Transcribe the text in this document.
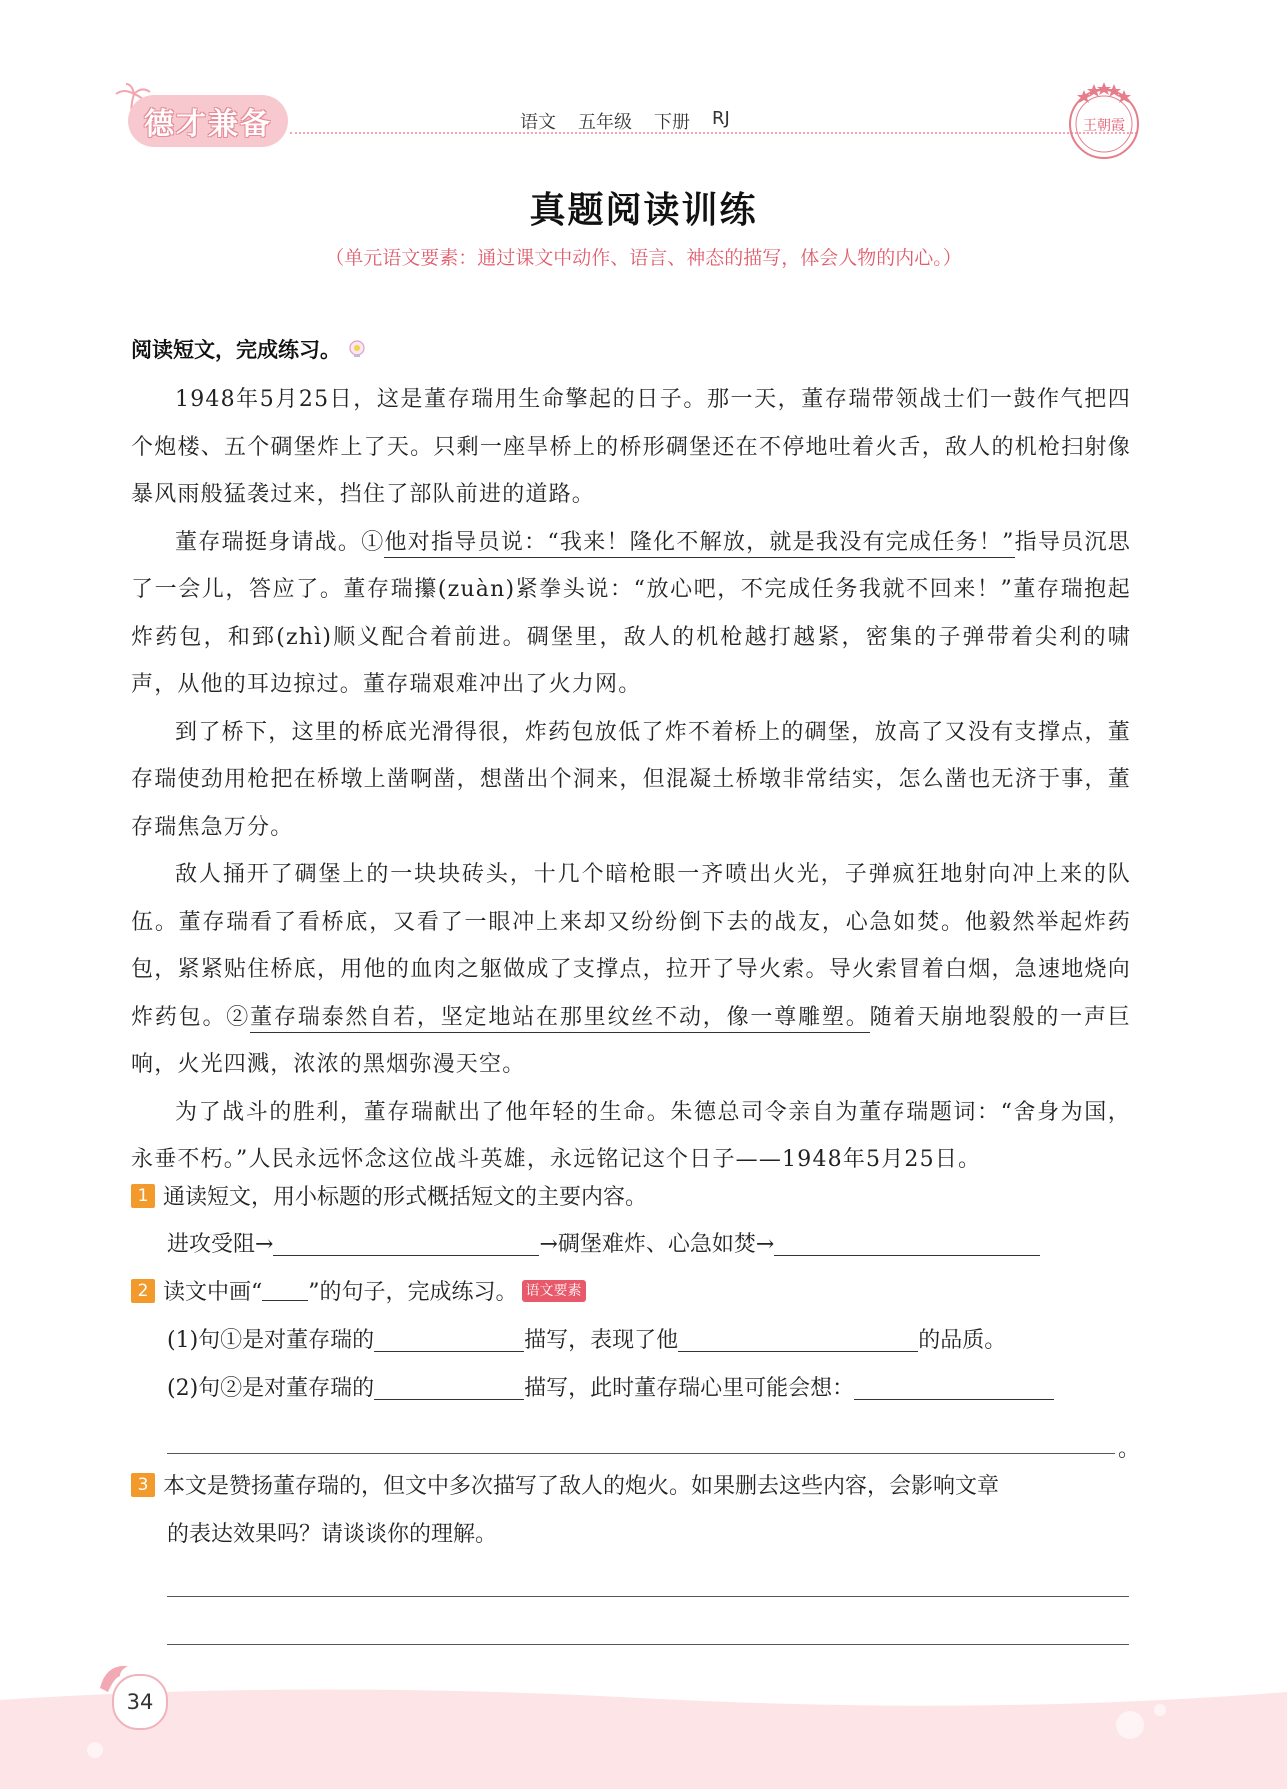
德才兼备	语文 五年级 下册 RJ	王朝霞
真题阅读训练
（单元语文要素：通过课文中动作、语言、神态的描写，体会人物的内心。）
阅读短文，完成练习。

1948年5月25日，这是董存瑞用生命擎起的日子。那一天，董存瑞带领战士们一鼓作气把四个炮楼、五个碉堡炸上了天。只剩一座旱桥上的桥形碉堡还在不停地吐着火舌，敌人的机枪扫射像暴风雨般猛袭过来，挡住了部队前进的道路。

董存瑞挺身请战。①他对指导员说：“我来！隆化不解放，就是我没有完成任务！”指导员沉思了一会儿，答应了。董存瑞攥(zuàn)紧拳头说：“放心吧，不完成任务我就不回来！”董存瑞抱起炸药包，和郅(zhì)顺义配合着前进。碉堡里，敌人的机枪越打越紧，密集的子弹带着尖利的啸声，从他的耳边掠过。董存瑞艰难冲出了火力网。

到了桥下，这里的桥底光滑得很，炸药包放低了炸不着桥上的碉堡，放高了又没有支撑点，董存瑞使劲用枪把在桥墩上凿啊凿，想凿出个洞来，但混凝土桥墩非常结实，怎么凿也无济于事，董存瑞焦急万分。

敌人捅开了碉堡上的一块块砖头，十几个暗枪眼一齐喷出火光，子弹疯狂地射向冲上来的队伍。董存瑞看了看桥底，又看了一眼冲上来却又纷纷倒下去的战友，心急如焚。他毅然举起炸药包，紧紧贴住桥底，用他的血肉之躯做成了支撑点，拉开了导火索。导火索冒着白烟，急速地烧向炸药包。②董存瑞泰然自若，坚定地站在那里纹丝不动，像一尊雕塑。随着天崩地裂般的一声巨响，火光四溅，浓浓的黑烟弥漫天空。

为了战斗的胜利，董存瑞献出了他年轻的生命。朱德总司令亲自为董存瑞题词：“舍身为国，永垂不朽。”人民永远怀念这位战斗英雄，永远铭记这个日子——1948年5月25日。

1 通读短文，用小标题的形式概括短文的主要内容。
进攻受阻→	→碉堡难炸、心急如焚→
2 读文中画“ ”的句子，完成练习。 语文要素
(1)句①是对董存瑞的	描写，表现了他	的品质。
(2)句②是对董存瑞的	描写，此时董存瑞心里可能会想：
。
3 本文是赞扬董存瑞的，但文中多次描写了敌人的炮火。如果删去这些内容，会影响文章
的表达效果吗？请谈谈你的理解。
34
